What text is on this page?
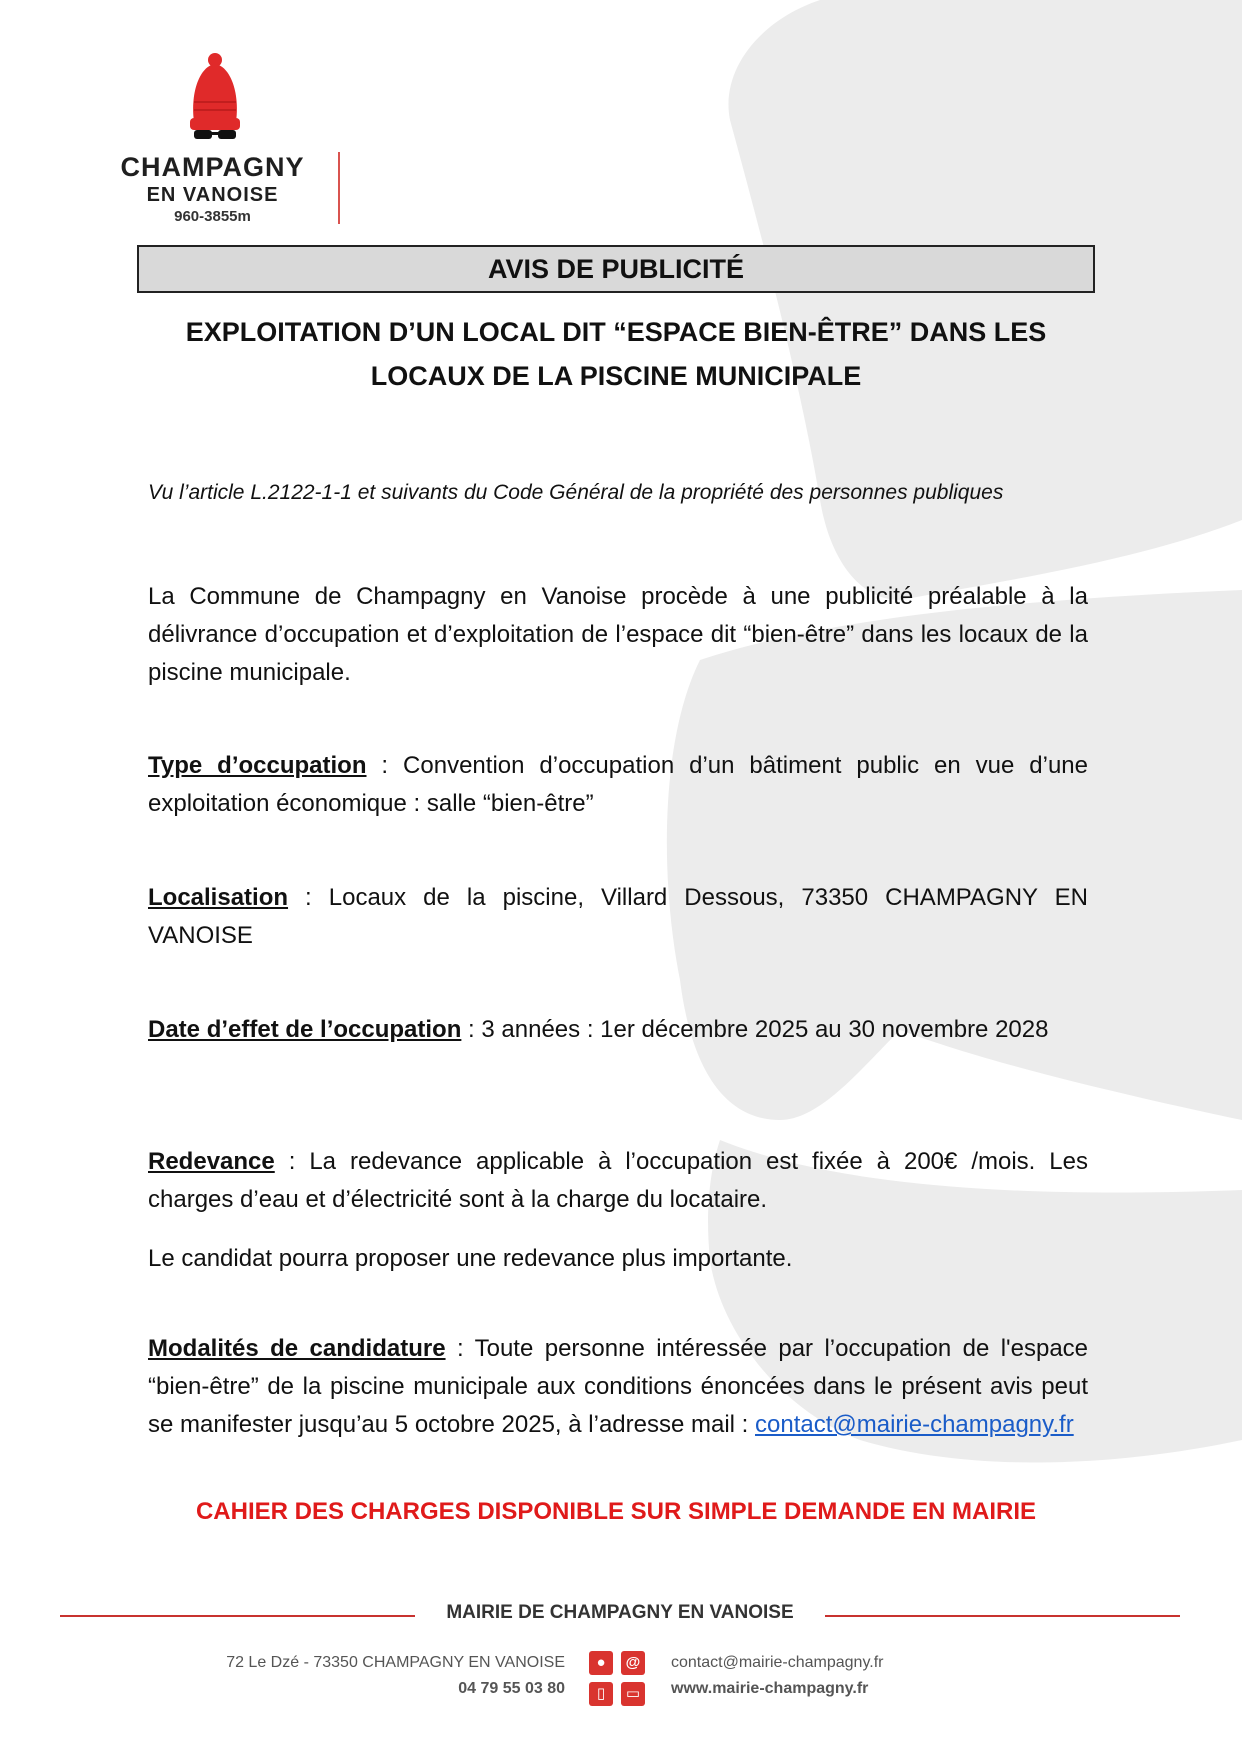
CHAMPAGNY
EN VANOISE
960-3855m
AVIS DE PUBLICITÉ
EXPLOITATION D’UN LOCAL DIT “ESPACE BIEN-ÊTRE” DANS LES
LOCAUX DE LA PISCINE MUNICIPALE
Vu l’article L.2122-1-1 et suivants du Code Général de la propriété des personnes publiques
La Commune de Champagny en Vanoise procède à une publicité préalable à la délivrance d’occupation et d’exploitation de l’espace dit “bien-être” dans les locaux de la piscine municipale.
Type d’occupation : Convention d’occupation d’un bâtiment public en vue d’une exploitation économique : salle “bien-être”
Localisation : Locaux de la piscine, Villard Dessous, 73350 CHAMPAGNY EN VANOISE
Date d’effet de l’occupation : 3 années : 1er décembre 2025 au 30 novembre 2028
Redevance : La redevance applicable à l’occupation est fixée à 200€ /mois. Les charges d’eau et d’électricité sont à la charge du locataire.
Le candidat pourra proposer une redevance plus importante.
Modalités de candidature : Toute personne intéressée par l’occupation de l'espace “bien-être” de la piscine municipale aux conditions énoncées dans le présent avis peut se manifester jusqu’au 5 octobre 2025, à l’adresse mail : contact@mairie-champagny.fr
CAHIER DES CHARGES DISPONIBLE SUR SIMPLE DEMANDE EN MAIRIE
MAIRIE DE CHAMPAGNY EN VANOISE
72 Le Dzé - 73350 CHAMPAGNY EN VANOISE
04 79 55 03 80
●	@
▯	▭
contact@mairie-champagny.fr
www.mairie-champagny.fr
